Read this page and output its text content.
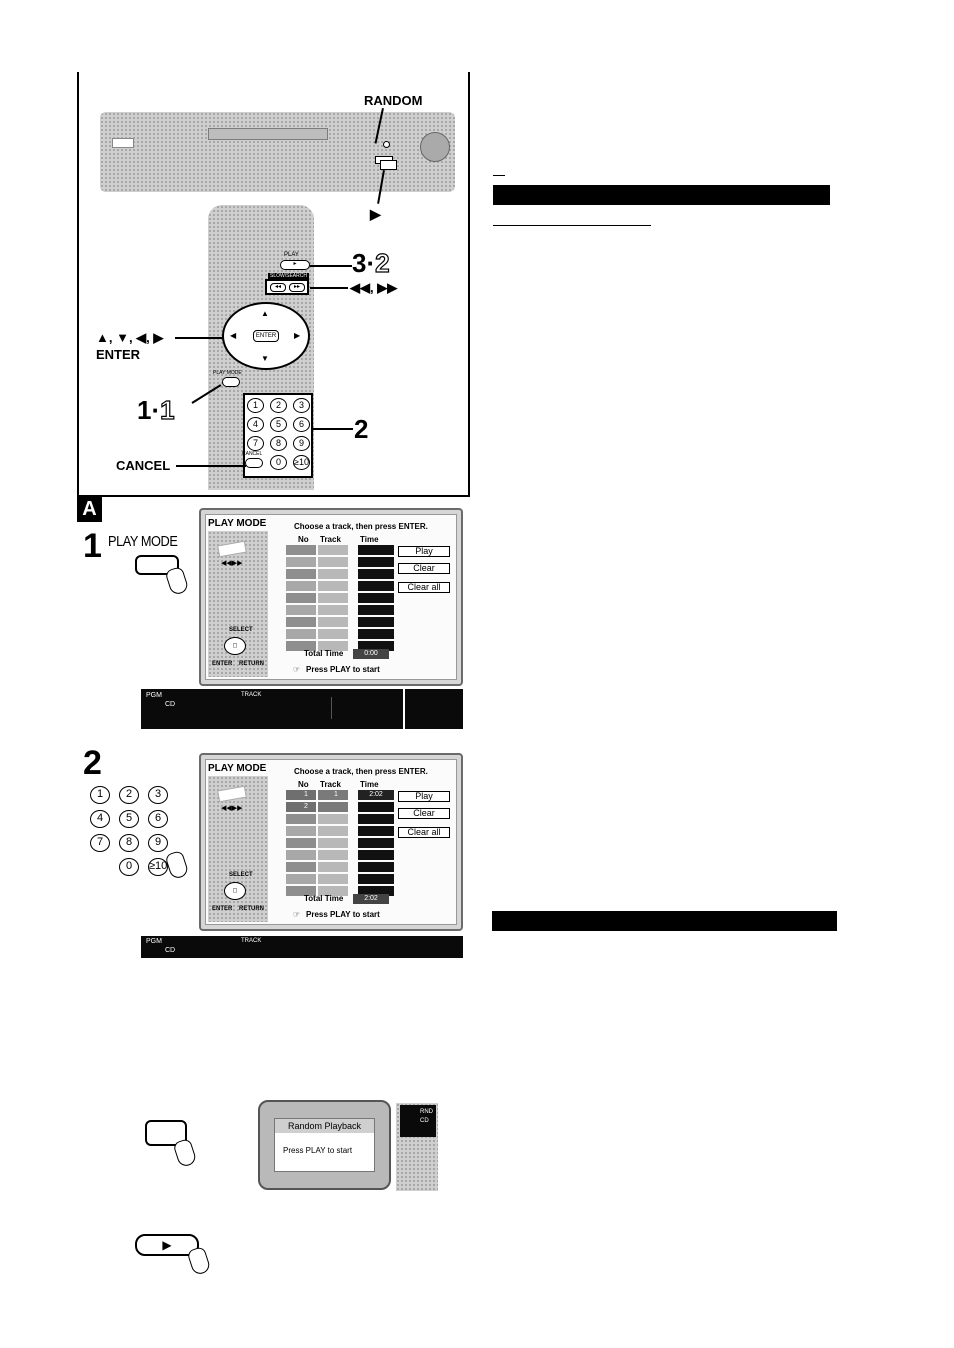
RANDOM
▶
PLAY
▸
SLOW/SEARCH
◂◂	▸▸
3·2
◀◀, ▶▶
▲
▼
◀	▶
ENTER
▲, ▼, ◀, ▶
ENTER
PLAY MODE
1·1	1	2	3
4	5	6
7	8	9
0	≥10
2
CANCEL
CANCEL
A
1 PLAY MODE
PLAY MODE
◀◀▶▶
Choose a track, then press ENTER.
No Track Time
Play
Clear
Clear all
SELECT
◻
ENTER RETURN
Total Time	0:00
Press PLAY to start
☞
PGM
CD
TRACK
2
1	2	3
4	5	6
7	8	9
0	≥10
PLAY MODE
◀◀▶▶
Choose a track, then press ENTER.
No Track Time
1	1	2:02
2
Play
Clear
Clear all
SELECT
◻
ENTER RETURN
Total Time	2:02
Press PLAY to start
☞
PGM
CD
TRACK
Random Playback
Press PLAY to start
RND
CD
▶
